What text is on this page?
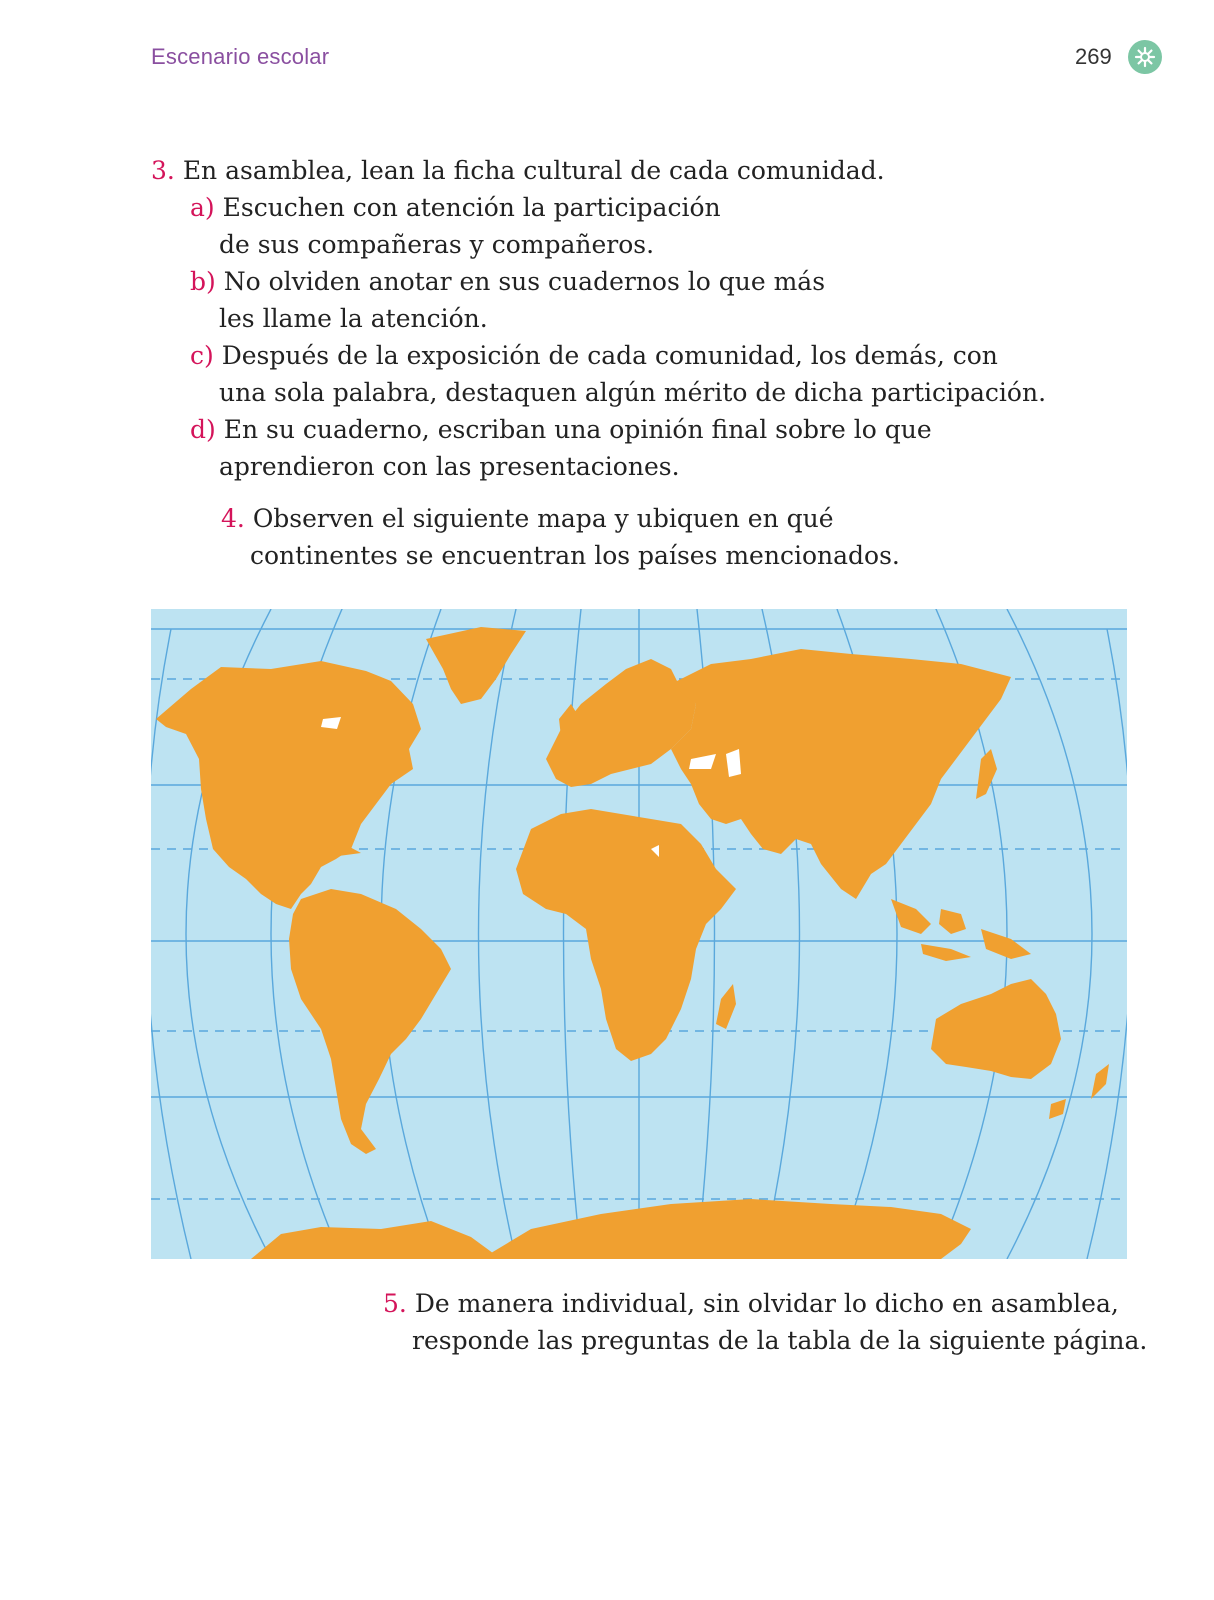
Escenario escolar	269
3. En asamblea, lean la ficha cultural de cada comunidad.
a) Escuchen con atención la participación
de sus compañeras y compañeros.
b) No olviden anotar en sus cuadernos lo que más
les llame la atención.
c) Después de la exposición de cada comunidad, los demás, con
una sola palabra, destaquen algún mérito de dicha participación.
d) En su cuaderno, escriban una opinión final sobre lo que
aprendieron con las presentaciones.
4. Observen el siguiente mapa y ubiquen en qué
continentes se encuentran los países mencionados.
5. De manera individual, sin olvidar lo dicho en asamblea,
responde las preguntas de la tabla de la siguiente página.
